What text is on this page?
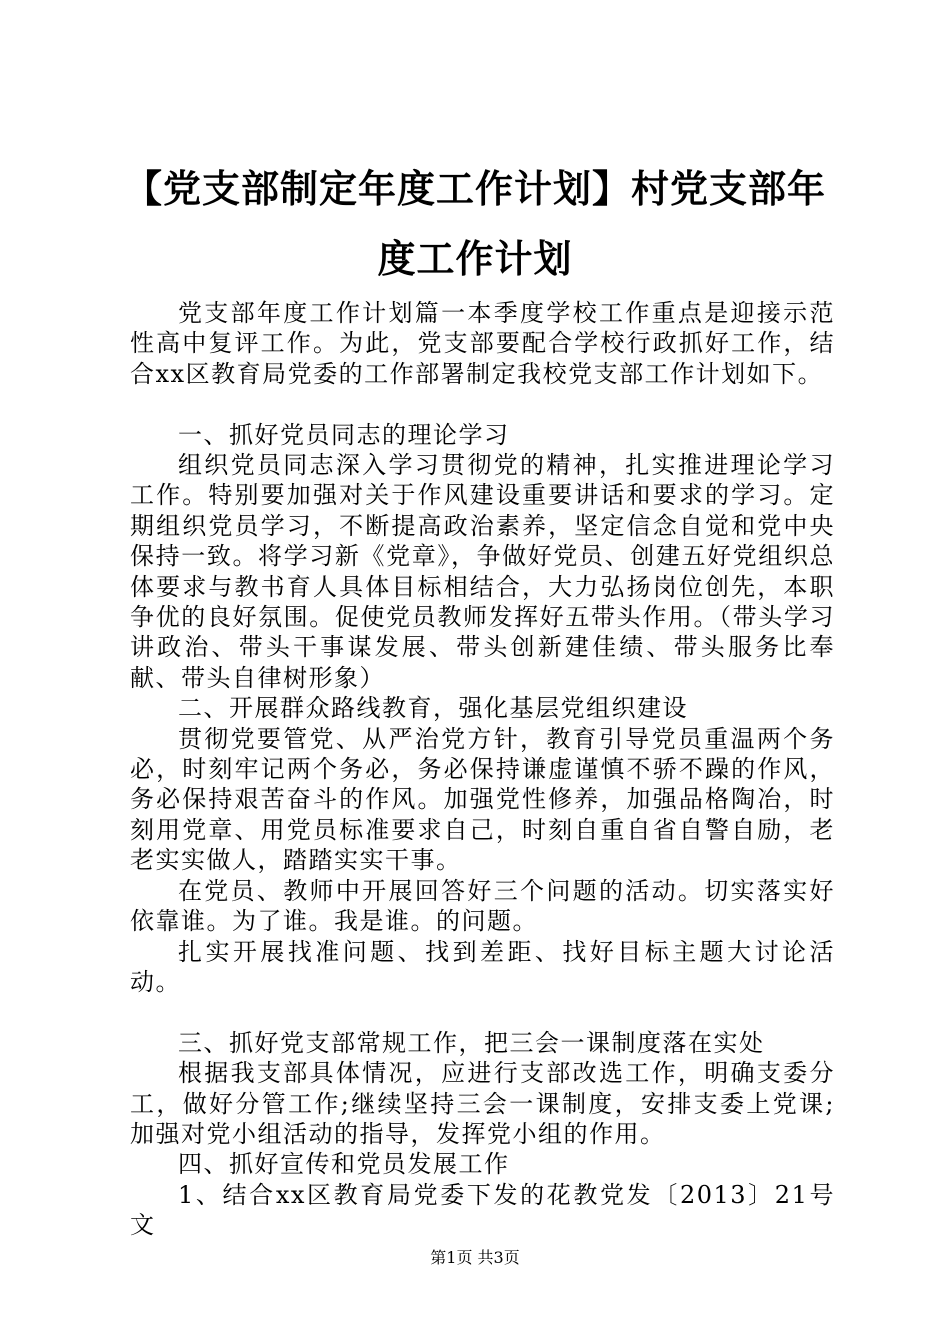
【党支部制定年度工作计划】村党支部年度工作计划

党支部年度工作计划篇一本季度学校工作重点是迎接示范性高中复评工作。为此，党支部要配合学校行政抓好工作，结合xx区教育局党委的工作部署制定我校党支部工作计划如下。

一、抓好党员同志的理论学习

组织党员同志深入学习贯彻党的精神，扎实推进理论学习工作。特别要加强对关于作风建设重要讲话和要求的学习。定期组织党员学习，不断提高政治素养，坚定信念自觉和党中央保持一致。将学习新《党章》，争做好党员、创建五好党组织总体要求与教书育人具体目标相结合，大力弘扬岗位创先，本职争优的良好氛围。促使党员教师发挥好五带头作用。（带头学习讲政治、带头干事谋发展、带头创新建佳绩、带头服务比奉献、带头自律树形象）

二、开展群众路线教育，强化基层党组织建设

贯彻党要管党、从严治党方针，教育引导党员重温两个务必，时刻牢记两个务必，务必保持谦虚谨慎不骄不躁的作风，务必保持艰苦奋斗的作风。加强党性修养，加强品格陶冶，时刻用党章、用党员标准要求自己，时刻自重自省自警自励，老老实实做人，踏踏实实干事。

在党员、教师中开展回答好三个问题的活动。切实落实好依靠谁。为了谁。我是谁。的问题。

扎实开展找准问题、找到差距、找好目标主题大讨论活动。

三、抓好党支部常规工作，把三会一课制度落在实处

根据我支部具体情况，应进行支部改选工作，明确支委分工，做好分管工作;继续坚持三会一课制度，安排支委上党课;加强对党小组活动的指导，发挥党小组的作用。

四、抓好宣传和党员发展工作

1、结合xx区教育局党委下发的花教党发〔2013〕21号文

第1页 共3页
